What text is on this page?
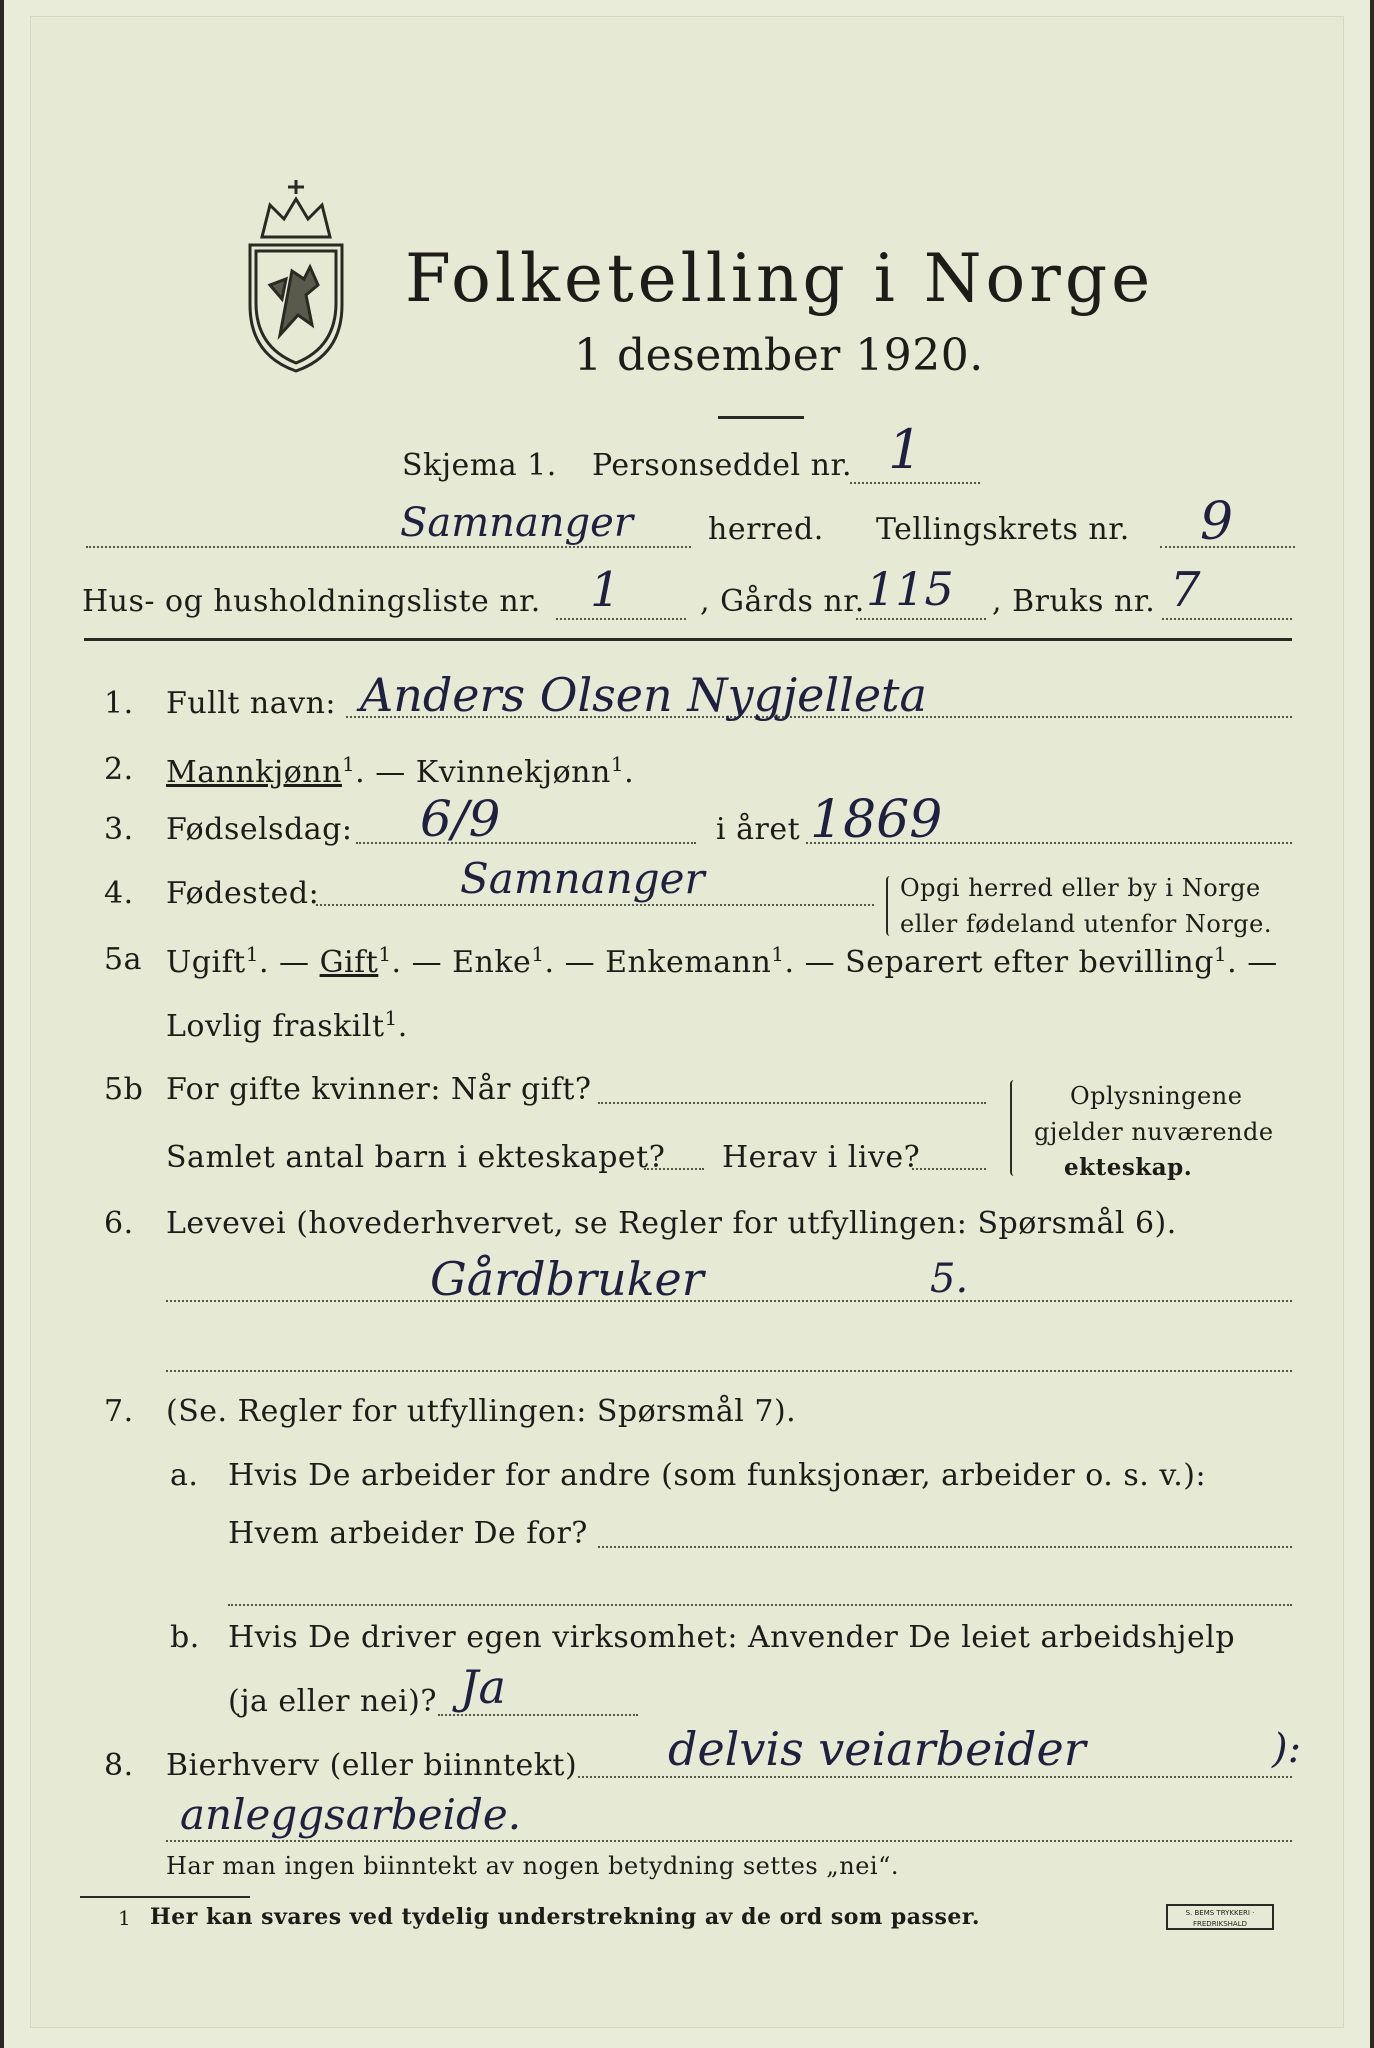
Folketelling i Norge
1 desember 1920.
Skjema 1. Personseddel nr. 1
Samnanger	herred. Tellingskrets nr. 9
Hus- og husholdningsliste nr. 1	, Gårds nr. 115 , Bruks nr. 7
1. Fullt navn: Anders Olsen Nygjelleta
2. Mannkjønn$^1$. — Kvinnekjønn$^1$.
3. Fødselsdag: 6/9	i året 1869
4. Fødested:	Samnanger	Opgi herred eller by i Norge
eller fødeland utenfor Norge.
5a Ugift$^1$. — Gift$^1$. — Enke$^1$. — Enkemann$^1$. — Separert efter bevilling$^1$. —
Lovlig fraskilt$^1$.
5b For gifte kvinner: Når gift?
Samlet antal barn i ekteskapet? Herav i live?
Oplysningene
gjelder nuværende
ekteskap.
6. Levevei (hovederhvervet, se Regler for utfyllingen: Spørsmål 6).
Gårdbruker	5.
7. (Se. Regler for utfyllingen: Spørsmål 7).
a. Hvis De arbeider for andre (som funksjonær, arbeider o. s. v.):
Hvem arbeider De for?
b. Hvis De driver egen virksomhet: Anvender De leiet arbeidshjelp
(ja eller nei)? Ja
8. Bierhverv (eller biinntekt) delvis veiarbeider	):
anleggsarbeide.
Har man ingen biinntekt av nogen betydning settes „nei“.
1 Her kan svares ved tydelig understrekning av de ord som passer.	S. BEMS TRYKKERI · FREDRIKSHALD
